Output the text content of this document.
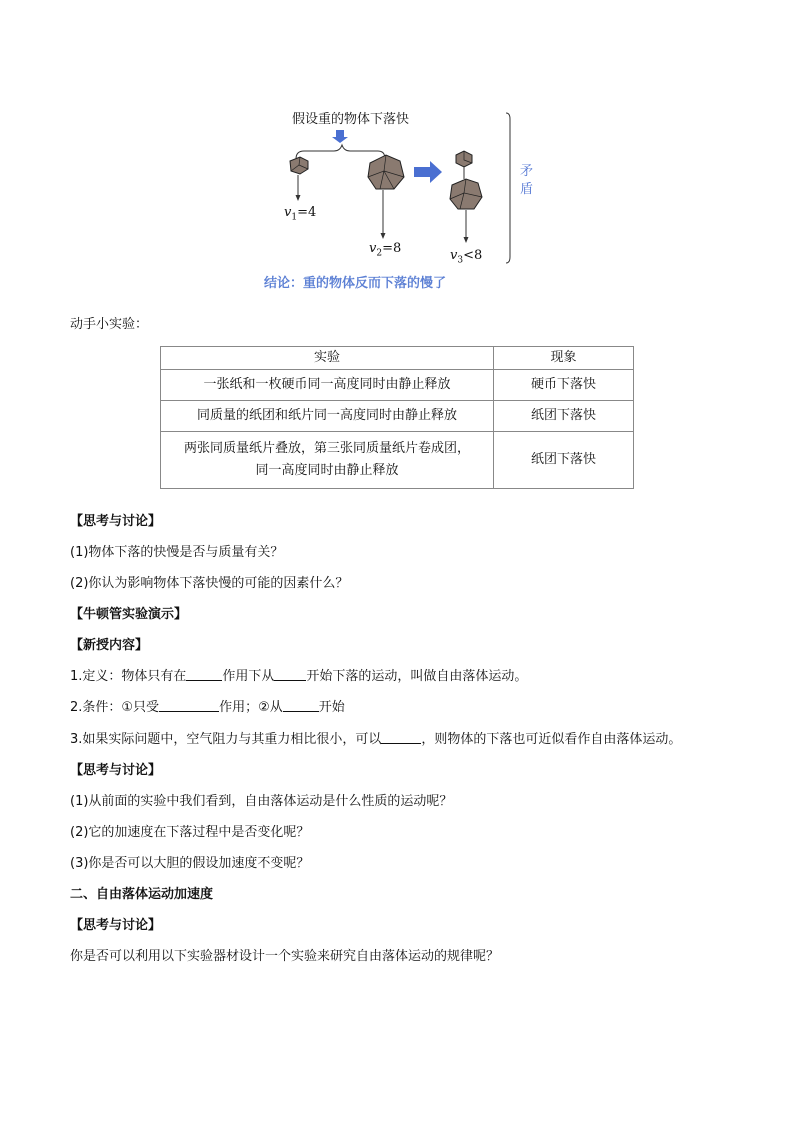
假设重的物体下落快
$v_1=4$
$v_2=8$	$v_3<8$
矛
盾
结论：重的物体反而下落的慢了
动手小实验：
实验	现象
一张纸和一枚硬币同一高度同时由静止释放	硬币下落快
同质量的纸团和纸片同一高度同时由静止释放	纸团下落快

两张同质量纸片叠放，第三张同质量纸片卷成团，
同一高度同时由静止释放	纸团下落快
【思考与讨论】
(1)物体下落的快慢是否与质量有关？
(2)你认为影响物体下落快慢的可能的因素什么？
【牛顿管实验演示】
【新授内容】
1.定义：物体只有在	作用下从 开始下落的运动，叫做自由落体运动。
2.条件：①只受	作用；②从	开始
3.如果实际问题中，空气阻力与其重力相比很小，可以	，则物体的下落也可近似看作自由落体运动。
【思考与讨论】
(1)从前面的实验中我们看到，自由落体运动是什么性质的运动呢？
(2)它的加速度在下落过程中是否变化呢？
(3)你是否可以大胆的假设加速度不变呢？
二、自由落体运动加速度
【思考与讨论】
你是否可以利用以下实验器材设计一个实验来研究自由落体运动的规律呢？
